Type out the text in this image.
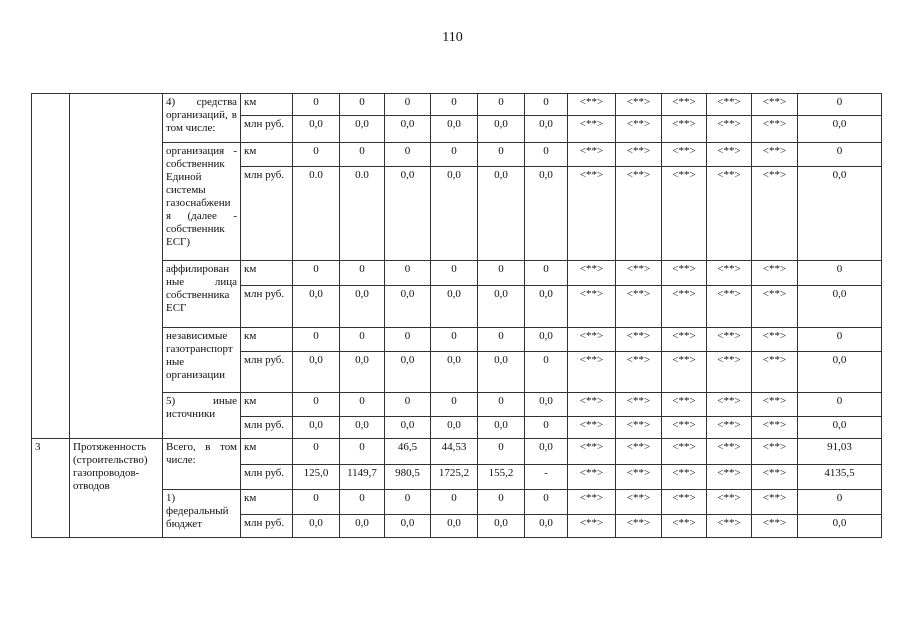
110
		4) средства организаций, в том числе:	км	0	0	0	0	0	0	<**>	<**>	<**>	<**>	<**>	0
			млн руб.	0,0	0,0	0,0	0,0	0,0	0,0	<**>	<**>	<**>	<**>	<**>	0,0
		организация - собственник Единой системы газоснабжени я (далее - собственник ЕСГ)	км	0	0	0	0	0	0	<**>	<**>	<**>	<**>	<**>	0
			млн руб.	0.0	0.0	0,0	0,0	0,0	0,0	<**>	<**>	<**>	<**>	<**>	0,0
		аффилирован ные лица собственника ЕСГ	км	0	0	0	0	0	0	<**>	<**>	<**>	<**>	<**>	0
			млн руб.	0,0	0,0	0,0	0,0	0,0	0,0	<**>	<**>	<**>	<**>	<**>	0,0
		независимые газотранспорт ные организации	км	0	0	0	0	0	0,0	<**>	<**>	<**>	<**>	<**>	0
			млн руб.	0,0	0,0	0,0	0,0	0,0	0	<**>	<**>	<**>	<**>	<**>	0,0
		5) иные источники	км	0	0	0	0	0	0,0	<**>	<**>	<**>	<**>	<**>	0
			млн руб.	0,0	0,0	0,0	0,0	0,0	0	<**>	<**>	<**>	<**>	<**>	0,0
3	Протяженность (строительство) газопроводов-отводов	Всего, в том числе:	км	0	0	46,5	44,53	0	0,0	<**>	<**>	<**>	<**>	<**>	91,03
			млн руб.	125,0	1149,7	980,5	1725,2	155,2	-	<**>	<**>	<**>	<**>	<**>	4135,5
		1) федеральный бюджет	км	0	0	0	0	0	0	<**>	<**>	<**>	<**>	<**>	0
			млн руб.	0,0	0,0	0,0	0,0	0,0	0,0	<**>	<**>	<**>	<**>	<**>	0,0
